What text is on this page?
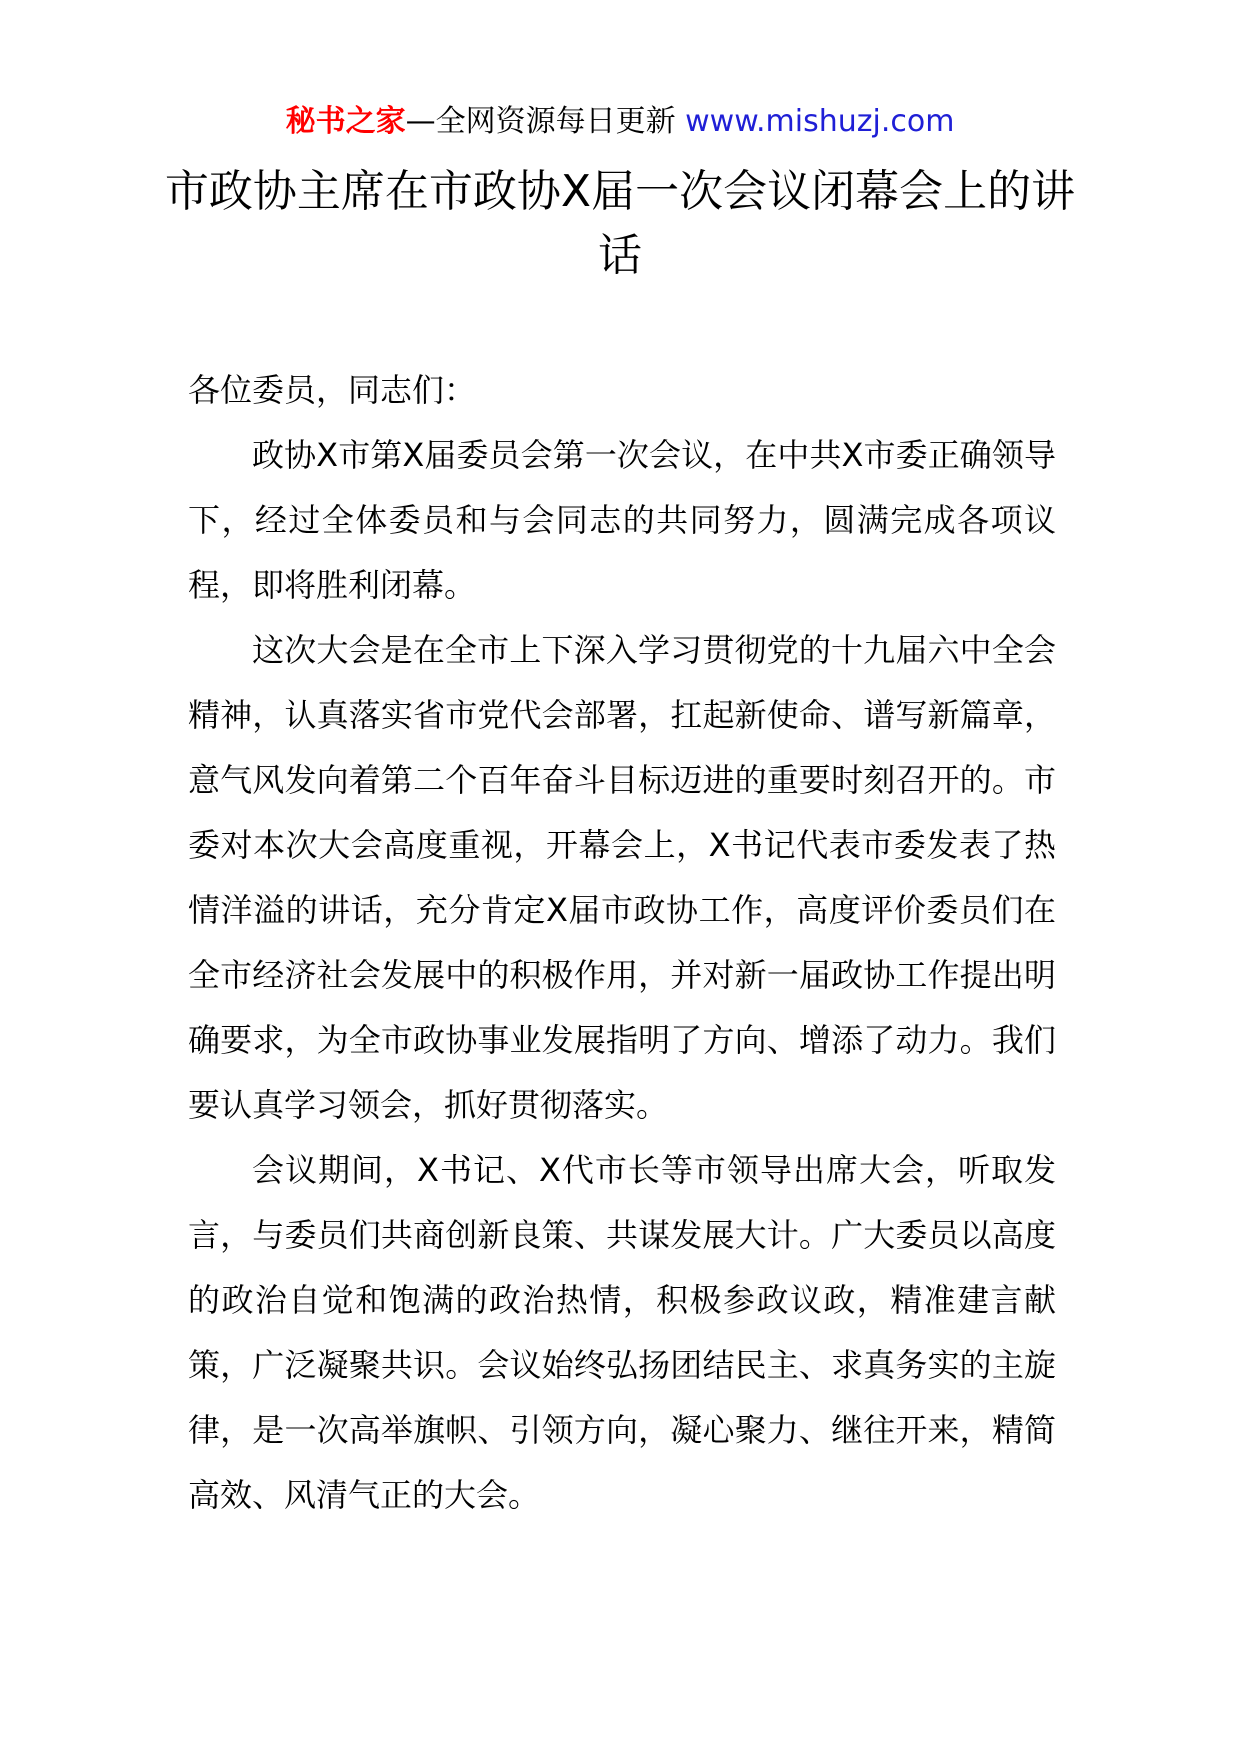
秘书之家—全网资源每日更新 www.mishuzj.com
市政协主席在市政协X届一次会议闭幕会上的讲话

各位委员，同志们：

政协X市第X届委员会第一次会议，在中共X市委正确领导下，经过全体委员和与会同志的共同努力，圆满完成各项议程，即将胜利闭幕。

这次大会是在全市上下深入学习贯彻党的十九届六中全会精神，认真落实省市党代会部署，扛起新使命、谱写新篇章，意气风发向着第二个百年奋斗目标迈进的重要时刻召开的。市委对本次大会高度重视，开幕会上，X书记代表市委发表了热情洋溢的讲话，充分肯定X届市政协工作，高度评价委员们在全市经济社会发展中的积极作用，并对新一届政协工作提出明确要求，为全市政协事业发展指明了方向、增添了动力。我们要认真学习领会，抓好贯彻落实。

会议期间，X书记、X代市长等市领导出席大会，听取发言，与委员们共商创新良策、共谋发展大计。广大委员以高度的政治自觉和饱满的政治热情，积极参政议政，精准建言献策，广泛凝聚共识。会议始终弘扬团结民主、求真务实的主旋律，是一次高举旗帜、引领方向，凝心聚力、继往开来，精简高效、风清气正的大会。
